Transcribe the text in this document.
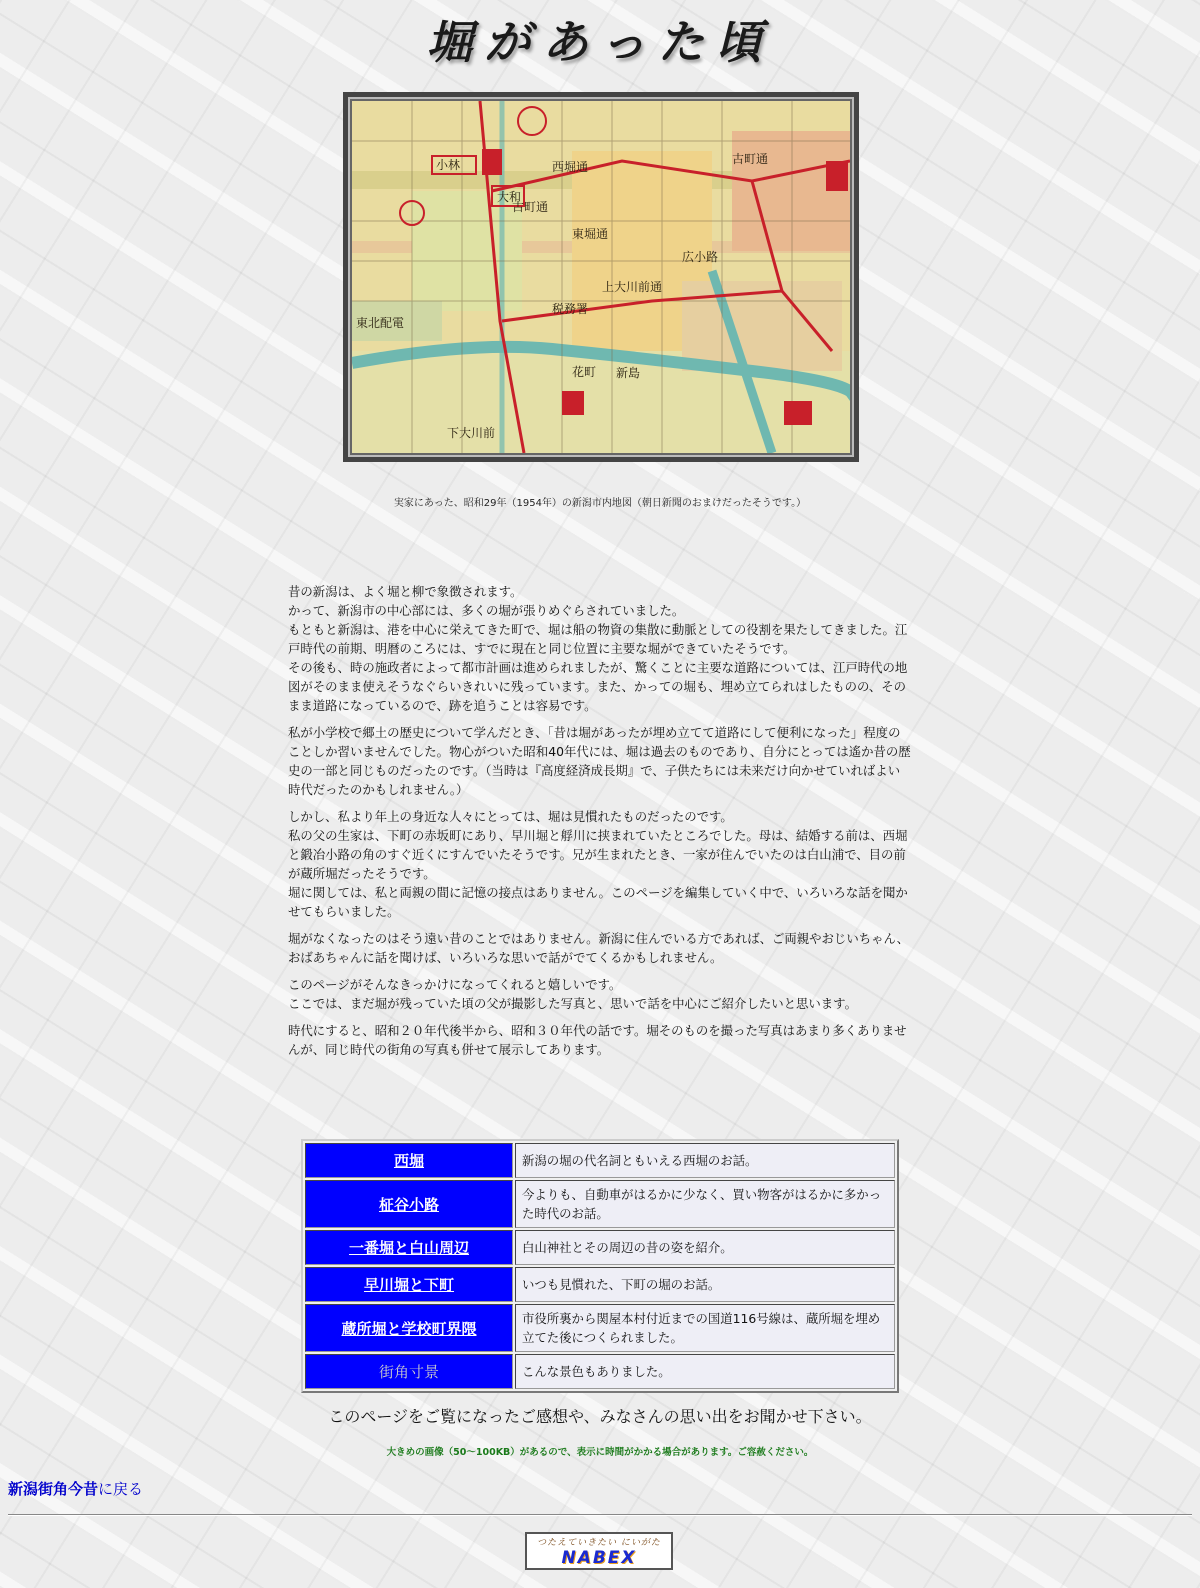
堀があった頃
西堀通
古町通
東堀通
古町通
小林
大和
広小路
東北配電
上大川前通
新島
花町
下大川前
税務署
実家にあった、昭和29年（1954年）の新潟市内地図（朝日新聞のおまけだったそうです。）

昔の新潟は、よく堀と柳で象徴されます。
かって、新潟市の中心部には、多くの堀が張りめぐらされていました。
もともと新潟は、港を中心に栄えてきた町で、堀は船の物資の集散に動脈としての役割を果たしてきました。江戸時代の前期、明暦のころには、すでに現在と同じ位置に主要な堀ができていたそうです。
その後も、時の施政者によって都市計画は進められましたが、驚くことに主要な道路については、江戸時代の地図がそのまま使えそうなぐらいきれいに残っています。また、かっての堀も、埋め立てられはしたものの、そのまま道路になっているので、跡を追うことは容易です。

私が小学校で郷土の歴史について学んだとき、「昔は堀があったが埋め立てて道路にして便利になった」程度のことしか習いませんでした。物心がついた昭和40年代には、堀は過去のものであり、自分にとっては遙か昔の歴史の一部と同じものだったのです。（当時は『高度経済成長期』で、子供たちには未来だけ向かせていればよい時代だったのかもしれません。）

しかし、私より年上の身近な人々にとっては、堀は見慣れたものだったのです。
私の父の生家は、下町の赤坂町にあり、早川堀と艀川に挟まれていたところでした。母は、結婚する前は、西堀と鍛冶小路の角のすぐ近くにすんでいたそうです。兄が生まれたとき、一家が住んでいたのは白山浦で、目の前が蔵所堀だったそうです。
堀に関しては、私と両親の間に記憶の接点はありません。このページを編集していく中で、いろいろな話を聞かせてもらいました。

堀がなくなったのはそう遠い昔のことではありません。新潟に住んでいる方であれば、ご両親やおじいちゃん、おばあちゃんに話を聞けば、いろいろな思いで話がでてくるかもしれません。

このページがそんなきっかけになってくれると嬉しいです。
ここでは、まだ堀が残っていた頃の父が撮影した写真と、思いで話を中心にご紹介したいと思います。

時代にすると、昭和２０年代後半から、昭和３０年代の話です。堀そのものを撮った写真はあまり多くありませんが、同じ時代の街角の写真も併せて展示してあります。

西堀	新潟の堀の代名詞ともいえる西堀のお話。
柾谷小路	今よりも、自動車がはるかに少なく、買い物客がはるかに多かった時代のお話。
一番堀と白山周辺	白山神社とその周辺の昔の姿を紹介。
早川堀と下町	いつも見慣れた、下町の堀のお話。
蔵所堀と学校町界隈	市役所裏から関屋本村付近までの国道116号線は、蔵所堀を埋め立てた後につくられました。
街角寸景	こんな景色もありました。
このページをご覧になったご感想や、みなさんの思い出をお聞かせ下さい。
大きめの画像（50〜100KB）があるので、表示に時間がかかる場合があります。ご容赦ください。
新潟街角今昔に戻る
つたえていきたい にいがた
NABEX
